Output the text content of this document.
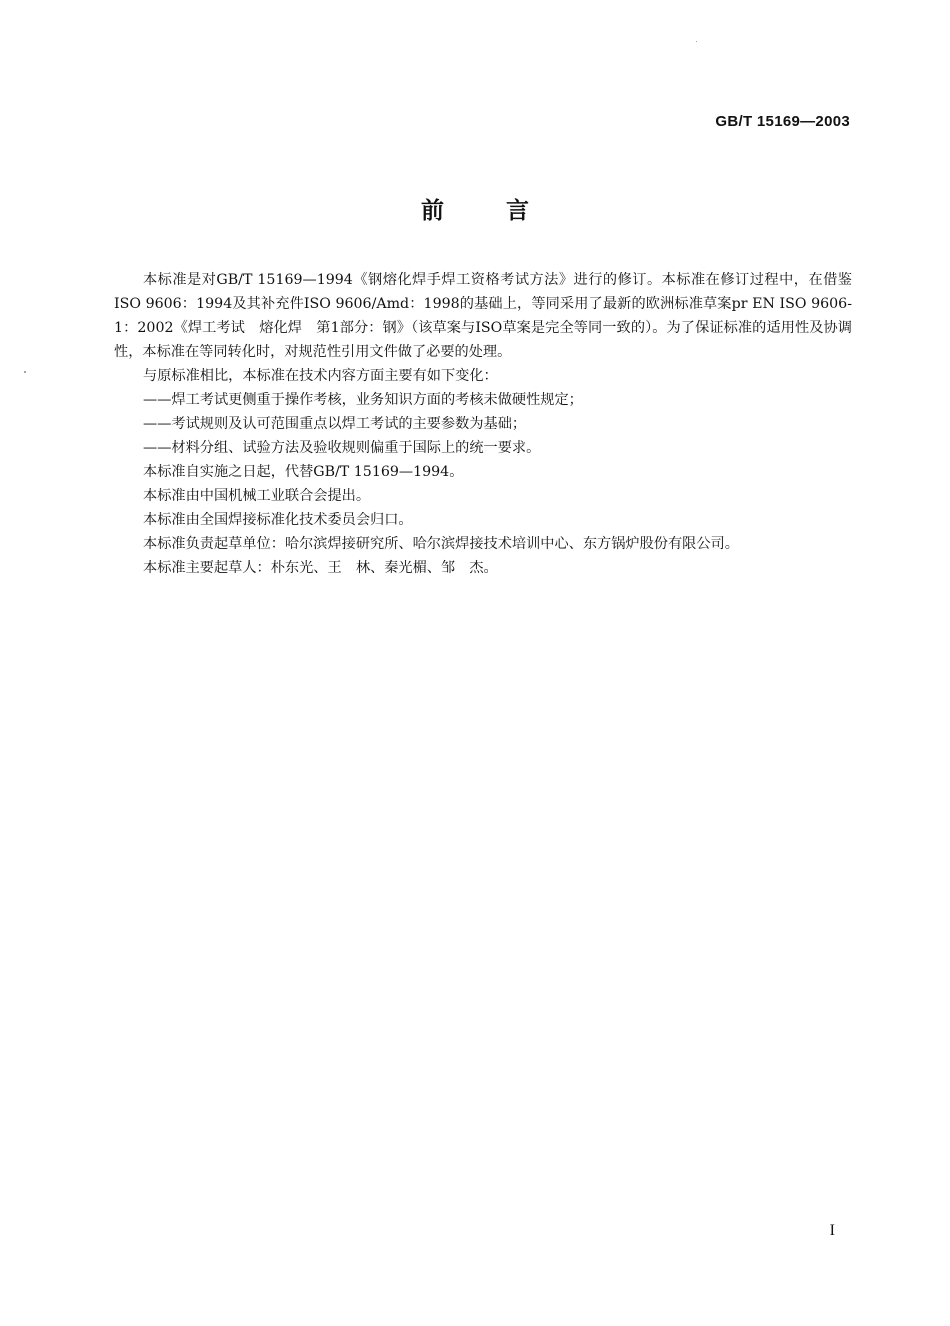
GB/T 15169—2003
前言

本标准是对GB/T 15169—1994《钢熔化焊手焊工资格考试方法》进行的修订。本标准在修订过程中，在借鉴ISO 9606：1994及其补充件ISO 9606/Amd：1998的基础上，等同采用了最新的欧洲标准草案pr EN ISO 9606-1：2002《焊工考试　熔化焊　第1部分：钢》（该草案与ISO草案是完全等同一致的）。为了保证标准的适用性及协调性，本标准在等同转化时，对规范性引用文件做了必要的处理。

与原标准相比，本标准在技术内容方面主要有如下变化：

——焊工考试更侧重于操作考核，业务知识方面的考核未做硬性规定；

——考试规则及认可范围重点以焊工考试的主要参数为基础；

——材料分组、试验方法及验收规则偏重于国际上的统一要求。

本标准自实施之日起，代替GB/T 15169—1994。

本标准由中国机械工业联合会提出。

本标准由全国焊接标准化技术委员会归口。

本标准负责起草单位：哈尔滨焊接研究所、哈尔滨焊接技术培训中心、东方锅炉股份有限公司。

本标准主要起草人：朴东光、王　林、秦光楣、邹　杰。

I
